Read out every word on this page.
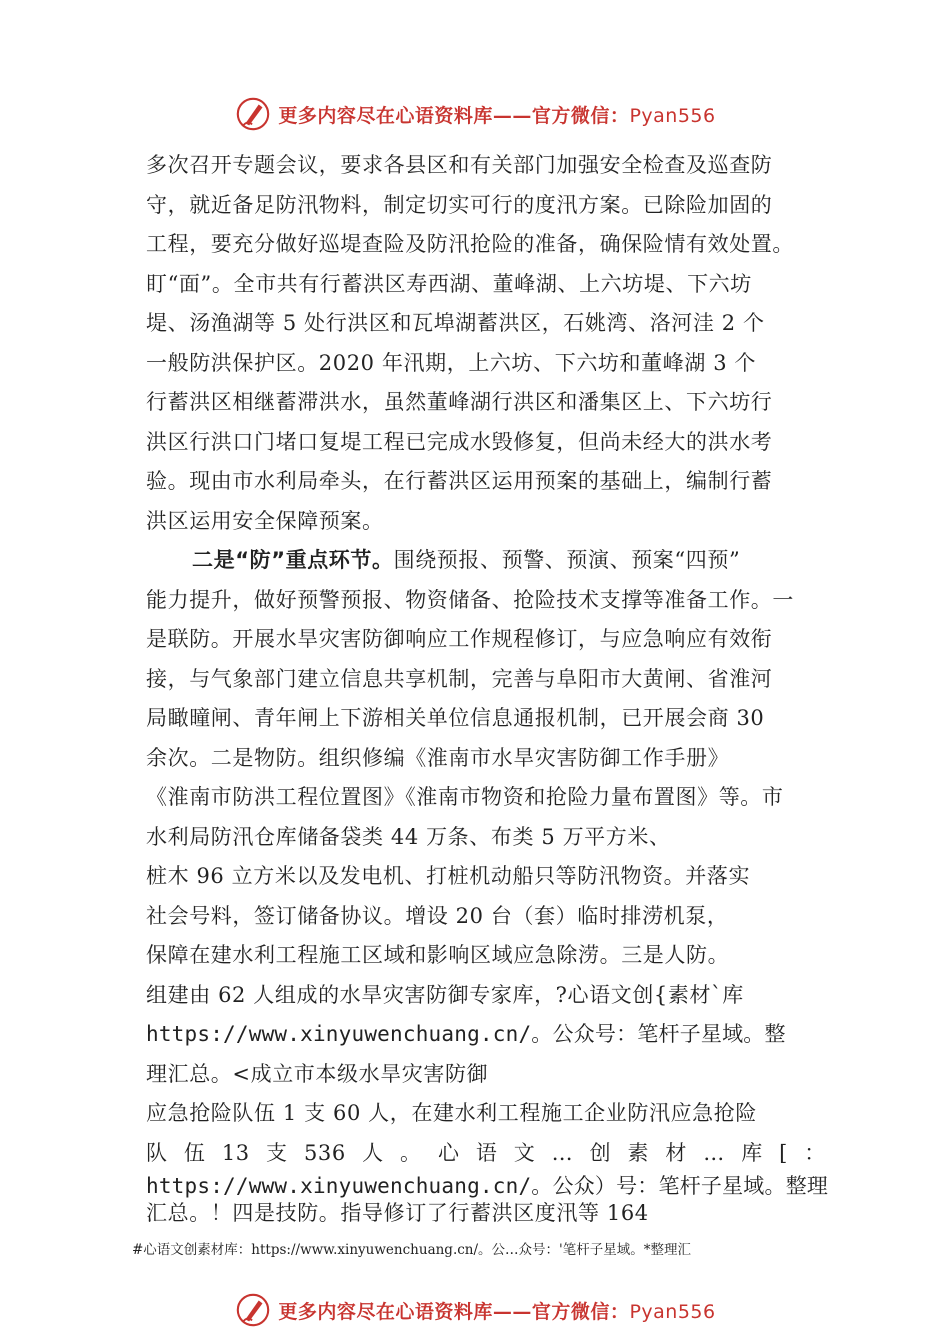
更多内容尽在心语资料库——官方微信：Pyan556
多次召开专题会议，要求各县区和有关部门加强安全检查及巡查防
守，就近备足防汛物料，制定切实可行的度汛方案。已除险加固的
工程，要充分做好巡堤查险及防汛抢险的准备，确保险情有效处置。
盯“面”。全市共有行蓄洪区寿西湖、董峰湖、上六坊堤、下六坊
堤、汤渔湖等 5 处行洪区和瓦埠湖蓄洪区，石姚湾、洛河洼 2 个
一般防洪保护区。2020 年汛期，上六坊、下六坊和董峰湖 3 个
行蓄洪区相继蓄滞洪水，虽然董峰湖行洪区和潘集区上、下六坊行
洪区行洪口门堵口复堤工程已完成水毁修复，但尚未经大的洪水考
验。现由市水利局牵头，在行蓄洪区运用预案的基础上，编制行蓄
洪区运用安全保障预案。
二是“防”重点环节。围绕预报、预警、预演、预案“四预”
能力提升，做好预警预报、物资储备、抢险技术支撑等准备工作。一
是联防。开展水旱灾害防御响应工作规程修订，与应急响应有效衔
接，与气象部门建立信息共享机制，完善与阜阳市大黄闸、省淮河
局瞰曈闸、青年闸上下游相关单位信息通报机制，已开展会商 30
余次。二是物防。组织修编《淮南市水旱灾害防御工作手册》
《淮南市防洪工程位置图》《淮南市物资和抢险力量布置图》等。市
水利局防汛仓库储备袋类 44 万条、布类 5 万平方米、
桩木 96 立方米以及发电机、打桩机动船只等防汛物资。并落实
社会号料，签订储备协议。增设 20 台（套）临时排涝机泵，
保障在建水利工程施工区域和影响区域应急除涝。三是人防。
组建由 62 人组成的水旱灾害防御专家库，?心语文创{素材`库
https://www.xinyuwenchuang.cn/。公众号：笔杆子星域。整
理汇总。<成立市本级水旱灾害防御
应急抢险队伍 1 支 60 人，在建水利工程施工企业防汛应急抢险
队 伍 13 支 536 人 。 心 语 文 … 创 素 材 … 库 [ ：
https://www.xinyuwenchuang.cn/。公众）号：笔杆子星域。整理
汇总。！四是技防。指导修订了行蓄洪区度汛等 164
#心语文创素材库：https://www.xinyuwenchuang.cn/。公…众号：'笔杆子星域。*整理汇
更多内容尽在心语资料库——官方微信：Pyan556
